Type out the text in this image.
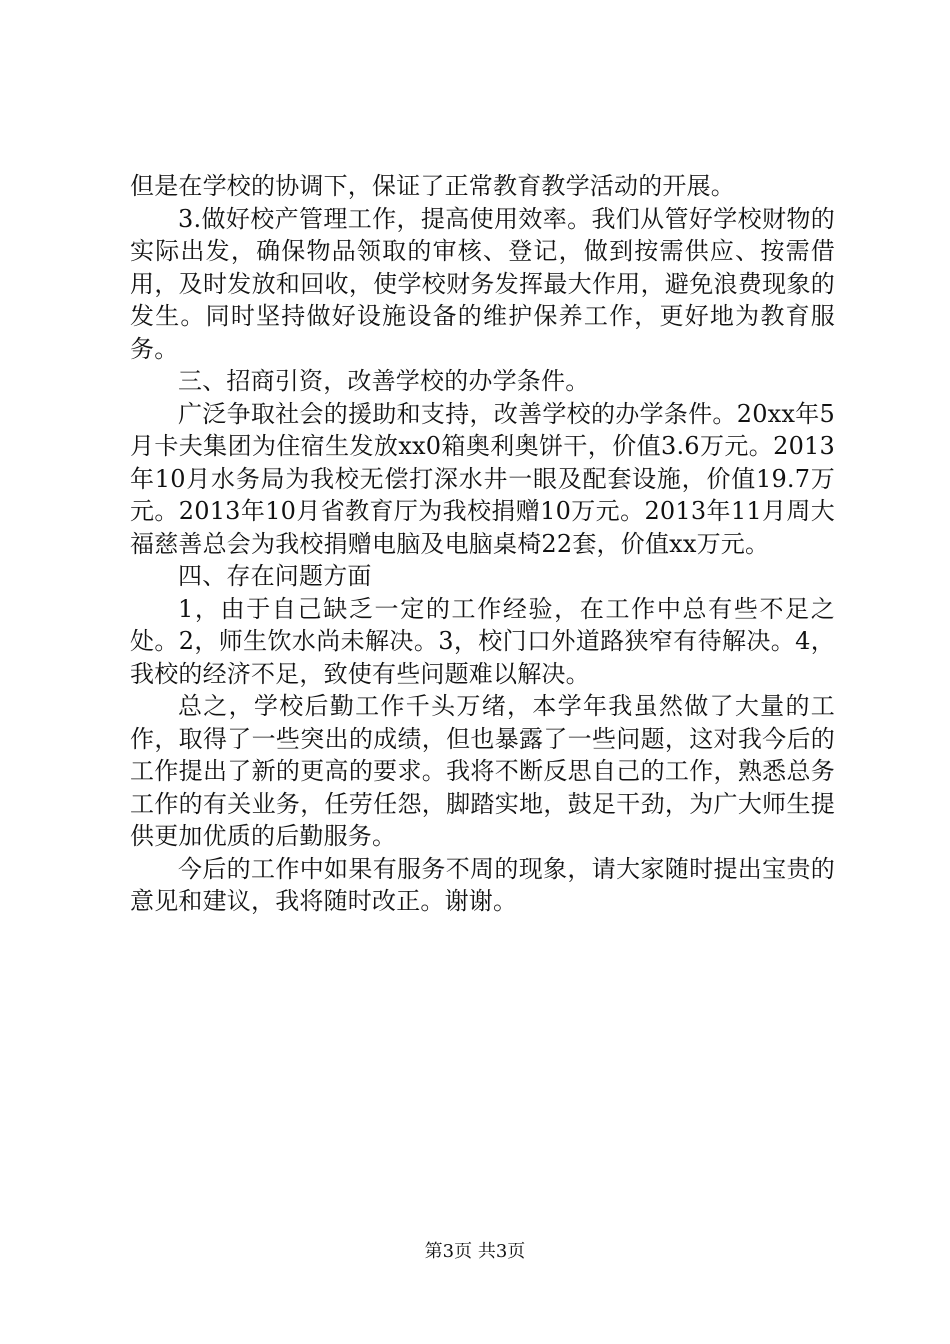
但是在学校的协调下，保证了正常教育教学活动的开展。

3.做好校产管理工作，提高使用效率。我们从管好学校财物的实际出发，确保物品领取的审核、登记，做到按需供应、按需借用，及时发放和回收，使学校财务发挥最大作用，避免浪费现象的发生。同时坚持做好设施设备的维护保养工作，更好地为教育服务。

三、招商引资，改善学校的办学条件。

广泛争取社会的援助和支持，改善学校的办学条件。20xx年5月卡夫集团为住宿生发放xx0箱奥利奥饼干，价值3.6万元。2013年10月水务局为我校无偿打深水井一眼及配套设施，价值19.7万元。2013年10月省教育厅为我校捐赠10万元。2013年11月周大福慈善总会为我校捐赠电脑及电脑桌椅22套，价值xx万元。

四、存在问题方面

1，由于自己缺乏一定的工作经验，在工作中总有些不足之处。2，师生饮水尚未解决。3，校门口外道路狭窄有待解决。4，我校的经济不足，致使有些问题难以解决。

总之，学校后勤工作千头万绪，本学年我虽然做了大量的工作，取得了一些突出的成绩，但也暴露了一些问题，这对我今后的工作提出了新的更高的要求。我将不断反思自己的工作，熟悉总务工作的有关业务，任劳任怨，脚踏实地，鼓足干劲，为广大师生提供更加优质的后勤服务。

今后的工作中如果有服务不周的现象，请大家随时提出宝贵的意见和建议，我将随时改正。谢谢。

第3页 共3页
